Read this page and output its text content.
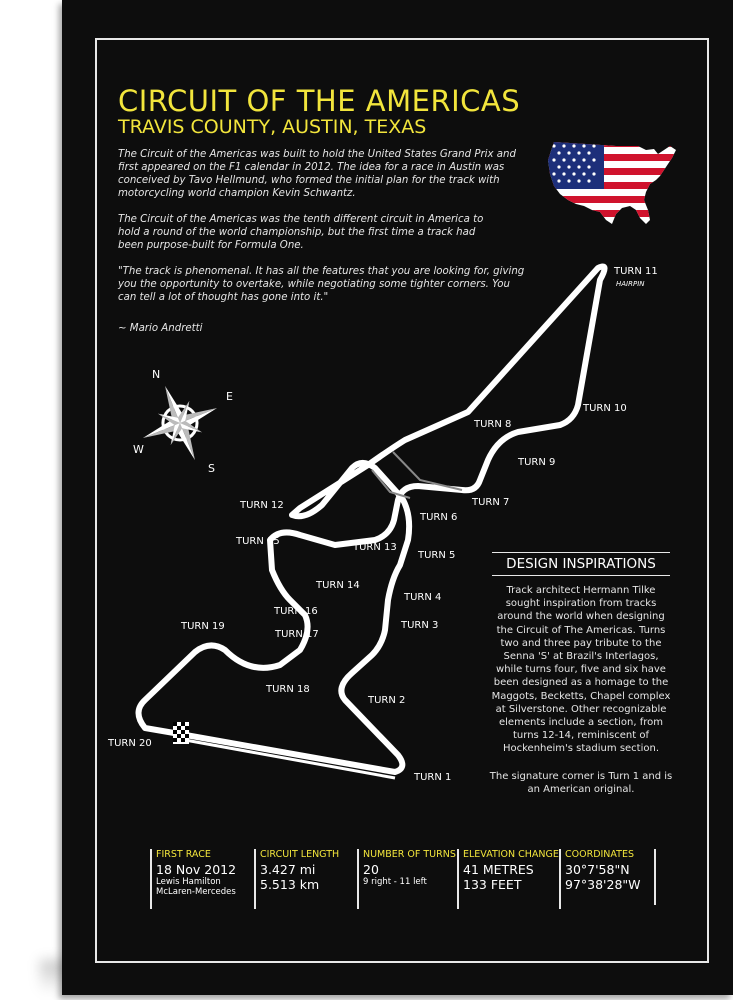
CIRCUIT OF THE AMERICAS
TRAVIS COUNTY, AUSTIN, TEXAS

The Circuit of the Americas was built to hold the United States Grand Prix and first appeared on the F1 calendar in 2012. The idea for a race in Austin was conceived by Tavo Hellmund, who formed the initial plan for the track with motorcycling world champion Kevin Schwantz.

The Circuit of the Americas was the tenth different circuit in America to hold a round of the world championship, but the first time a track had been purpose-built for Formula One.

"The track is phenomenal. It has all the features that you are looking for, giving you the opportunity to overtake, while negotiating some tighter corners. You can tell a lot of thought has gone into it."

~ Mario Andretti

N
E
S
W
TURN 1
TURN 2
TURN 3
TURN 4
TURN 5
TURN 6
TURN 7
TURN 8
TURN 9
TURN 10
TURN 11
HAIRPIN
TURN 12
TURN 13
TURN 14
TURN 15
TURN 16
TURN 17
TURN 18
TURN 19
TURN 20
DESIGN INSPIRATIONS

Track architect Hermann Tilke sought inspiration from tracks around the world when designing the Circuit of The Americas. Turns two and three pay tribute to the Senna 'S' at Brazil's Interlagos, while turns four, five and six have been designed as a homage to the Maggots, Becketts, Chapel complex at Silverstone. Other recognizable elements include a section, from turns 12-14, reminiscent of Hockenheim's stadium section.

The signature corner is Turn 1 and is an American original.

FIRST RACE
18 Nov 2012
Lewis Hamilton
McLaren-Mercedes
CIRCUIT LENGTH
3.427 mi
5.513 km
NUMBER OF TURNS
20
9 right - 11 left
ELEVATION CHANGE
41 METRES
133 FEET
COORDINATES
30°7'58"N
97°38'28"W
